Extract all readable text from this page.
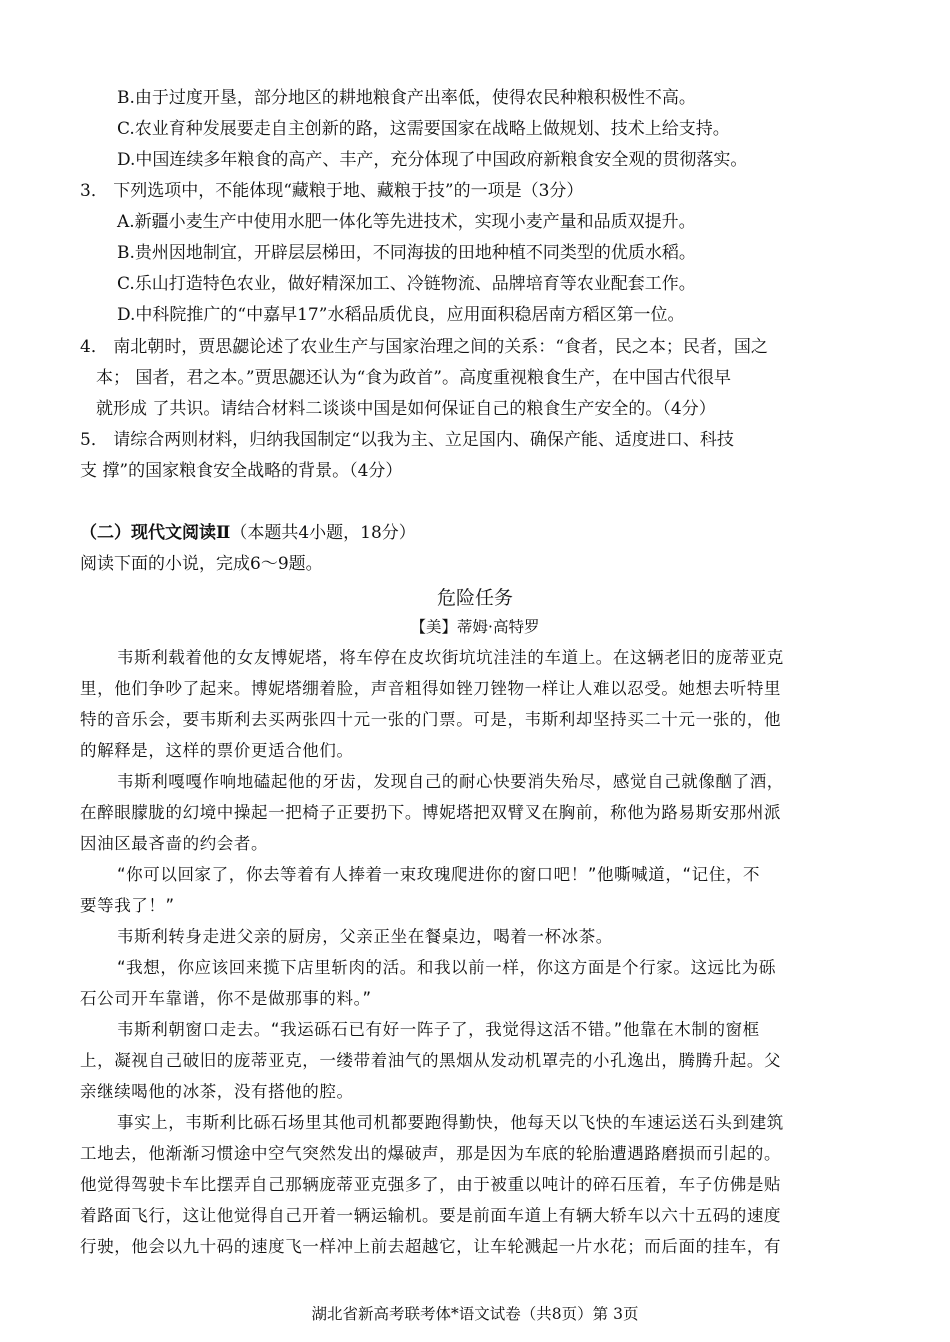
B.由于过度开垦，部分地区的耕地粮食产出率低，使得农民种粮积极性不高。
C.农业育种发展要走自主创新的路，这需要国家在战略上做规划、技术上给支持。
D.中国连续多年粮食的高产、丰产，充分体现了中国政府新粮食安全观的贯彻落实。
3． 下列选项中，不能体现“藏粮于地、藏粮于技”的一项是（3分）
A.新疆小麦生产中使用水肥一体化等先进技术，实现小麦产量和品质双提升。
B.贵州因地制宜，开辟层层梯田，不同海拔的田地种植不同类型的优质水稻。
C.乐山打造特色农业，做好精深加工、冷链物流、品牌培育等农业配套工作。
D.中科院推广的“中嘉早17”水稻品质优良，应用面积稳居南方稻区第一位。
4． 南北朝时，贾思勰论述了农业生产与国家治理之间的关系：“食者，民之本；民者，国之
本； 国者，君之本。”贾思勰还认为“食为政首”。高度重视粮食生产，在中国古代很早
就形成 了共识。请结合材料二谈谈中国是如何保证自己的粮食生产安全的。（4分）
5． 请综合两则材料，归纳我国制定“以我为主、立足国内、确保产能、适度进口、科技
支 撑”的国家粮食安全战略的背景。（4分）
（二）现代文阅读Ⅱ（本题共4小题，18分）
阅读下面的小说，完成6～9题。
危险任务
【美】蒂姆·高特罗
韦斯利载着他的女友博妮塔，将车停在皮坎街坑坑洼洼的车道上。在这辆老旧的庞蒂亚克
里，他们争吵了起来。博妮塔绷着脸，声音粗得如锉刀锉物一样让人难以忍受。她想去听特里
特的音乐会，要韦斯利去买两张四十元一张的门票。可是，韦斯利却坚持买二十元一张的，他
的解释是，这样的票价更适合他们。
韦斯利嘎嘎作响地磕起他的牙齿，发现自己的耐心快要消失殆尽，感觉自己就像酗了酒，
在醉眼朦胧的幻境中操起一把椅子正要扔下。博妮塔把双臂叉在胸前，称他为路易斯安那州派
因油区最吝啬的约会者。
“你可以回家了，你去等着有人捧着一束玫瑰爬进你的窗口吧！”他嘶喊道，“记住，不
要等我了！”
韦斯利转身走进父亲的厨房，父亲正坐在餐桌边，喝着一杯冰茶。
“我想，你应该回来揽下店里斩肉的活。和我以前一样，你这方面是个行家。这远比为砾
石公司开车靠谱，你不是做那事的料。”
韦斯利朝窗口走去。“我运砾石已有好一阵子了，我觉得这活不错。”他靠在木制的窗框
上，凝视自己破旧的庞蒂亚克，一缕带着油气的黑烟从发动机罩壳的小孔逸出，腾腾升起。父
亲继续喝他的冰茶，没有搭他的腔。
事实上，韦斯利比砾石场里其他司机都要跑得勤快，他每天以飞快的车速运送石头到建筑
工地去，他渐渐习惯途中空气突然发出的爆破声，那是因为车底的轮胎遭遇路磨损而引起的。
他觉得驾驶卡车比摆弄自己那辆庞蒂亚克强多了，由于被重以吨计的碎石压着，车子仿佛是贴
着路面飞行，这让他觉得自己开着一辆运输机。要是前面车道上有辆大轿车以六十五码的速度
行驶，他会以九十码的速度飞一样冲上前去超越它，让车轮溅起一片水花；而后面的挂车，有
湖北省新高考联考体*语文试卷（共8页）第 3页
